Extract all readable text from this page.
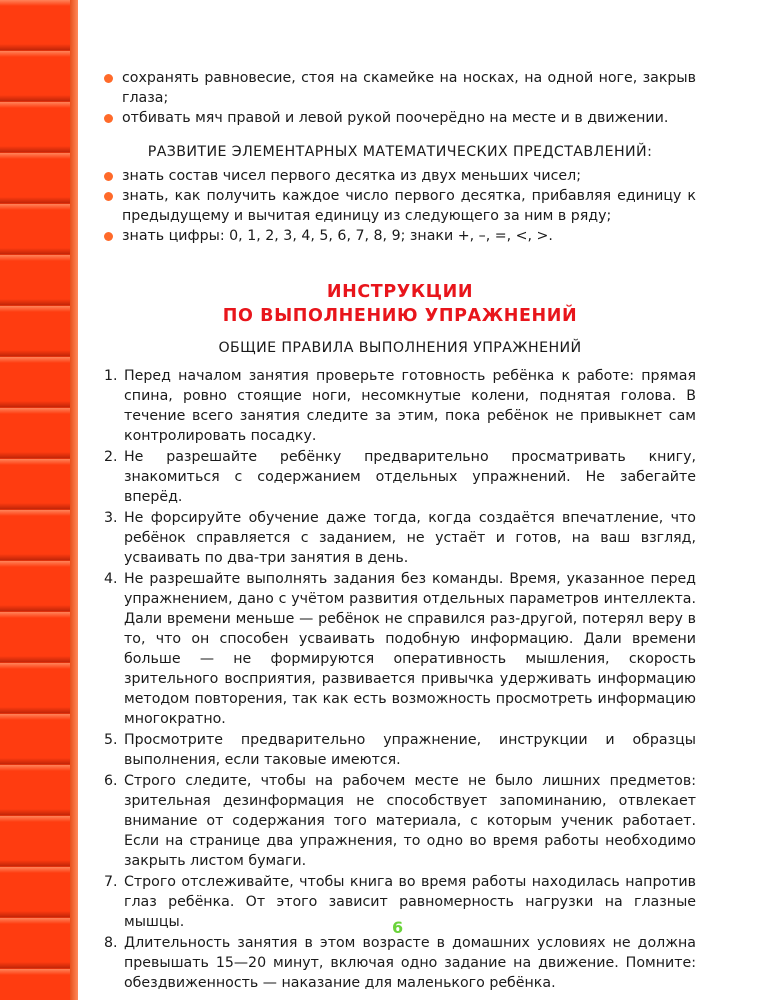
сохранять равновесие, стоя на скамейке на носках, на одной ноге, закрыв глаза;
отбивать мяч правой и левой рукой поочерёдно на месте и в движении.
РАЗВИТИЕ ЭЛЕМЕНТАРНЫХ МАТЕМАТИЧЕСКИХ ПРЕДСТАВЛЕНИЙ:
знать состав чисел первого десятка из двух меньших чисел;
знать, как получить каждое число первого десятка, прибавляя единицу к предыдущему и вычитая единицу из следующего за ним в ряду;
знать цифры: 0, 1, 2, 3, 4, 5, 6, 7, 8, 9; знаки +, –, =, <, >.
ИНСТРУКЦИИ
ПО ВЫПОЛНЕНИЮ УПРАЖНЕНИЙ
ОБЩИЕ ПРАВИЛА ВЫПОЛНЕНИЯ УПРАЖНЕНИЙ
1. Перед началом занятия проверьте готовность ребёнка к работе: прямая спина, ровно стоящие ноги, несомкнутые колени, поднятая голова. В течение всего занятия следите за этим, пока ребёнок не привыкнет сам контролировать посадку.
2. Не разрешайте ребёнку предварительно просматривать книгу, знакомиться с содержанием отдельных упражнений. Не забегайте вперёд.
3. Не форсируйте обучение даже тогда, когда создаётся впечатление, что ребёнок справляется с заданием, не устаёт и готов, на ваш взгляд, усваивать по два-три занятия в день.
4. Не разрешайте выполнять задания без команды. Время, указанное перед упражнением, дано с учётом развития отдельных параметров интеллекта. Дали времени меньше — ребёнок не справился раз-другой, потерял веру в то, что он способен усваивать подобную информацию. Дали времени больше — не формируются оперативность мышления, скорость зрительного восприятия, развивается привычка удерживать информацию методом повторения, так как есть возможность просмотреть информацию многократно.
5. Просмотрите предварительно упражнение, инструкции и образцы выполнения, если таковые имеются.
6. Строго следите, чтобы на рабочем месте не было лишних предметов: зрительная дезинформация не способствует запоминанию, отвлекает внимание от содержания того материала, с которым ученик работает. Если на странице два упражнения, то одно во время работы необходимо закрыть листом бумаги.
7. Строго отслеживайте, чтобы книга во время работы находилась напротив глаз ребёнка. От этого зависит равномерность нагрузки на глазные мышцы.
8. Длительность занятия в этом возрасте в домашних условиях не должна превышать 15—20 минут, включая одно задание на движение. Помните: обездвиженность — наказание для маленького ребёнка.
6
